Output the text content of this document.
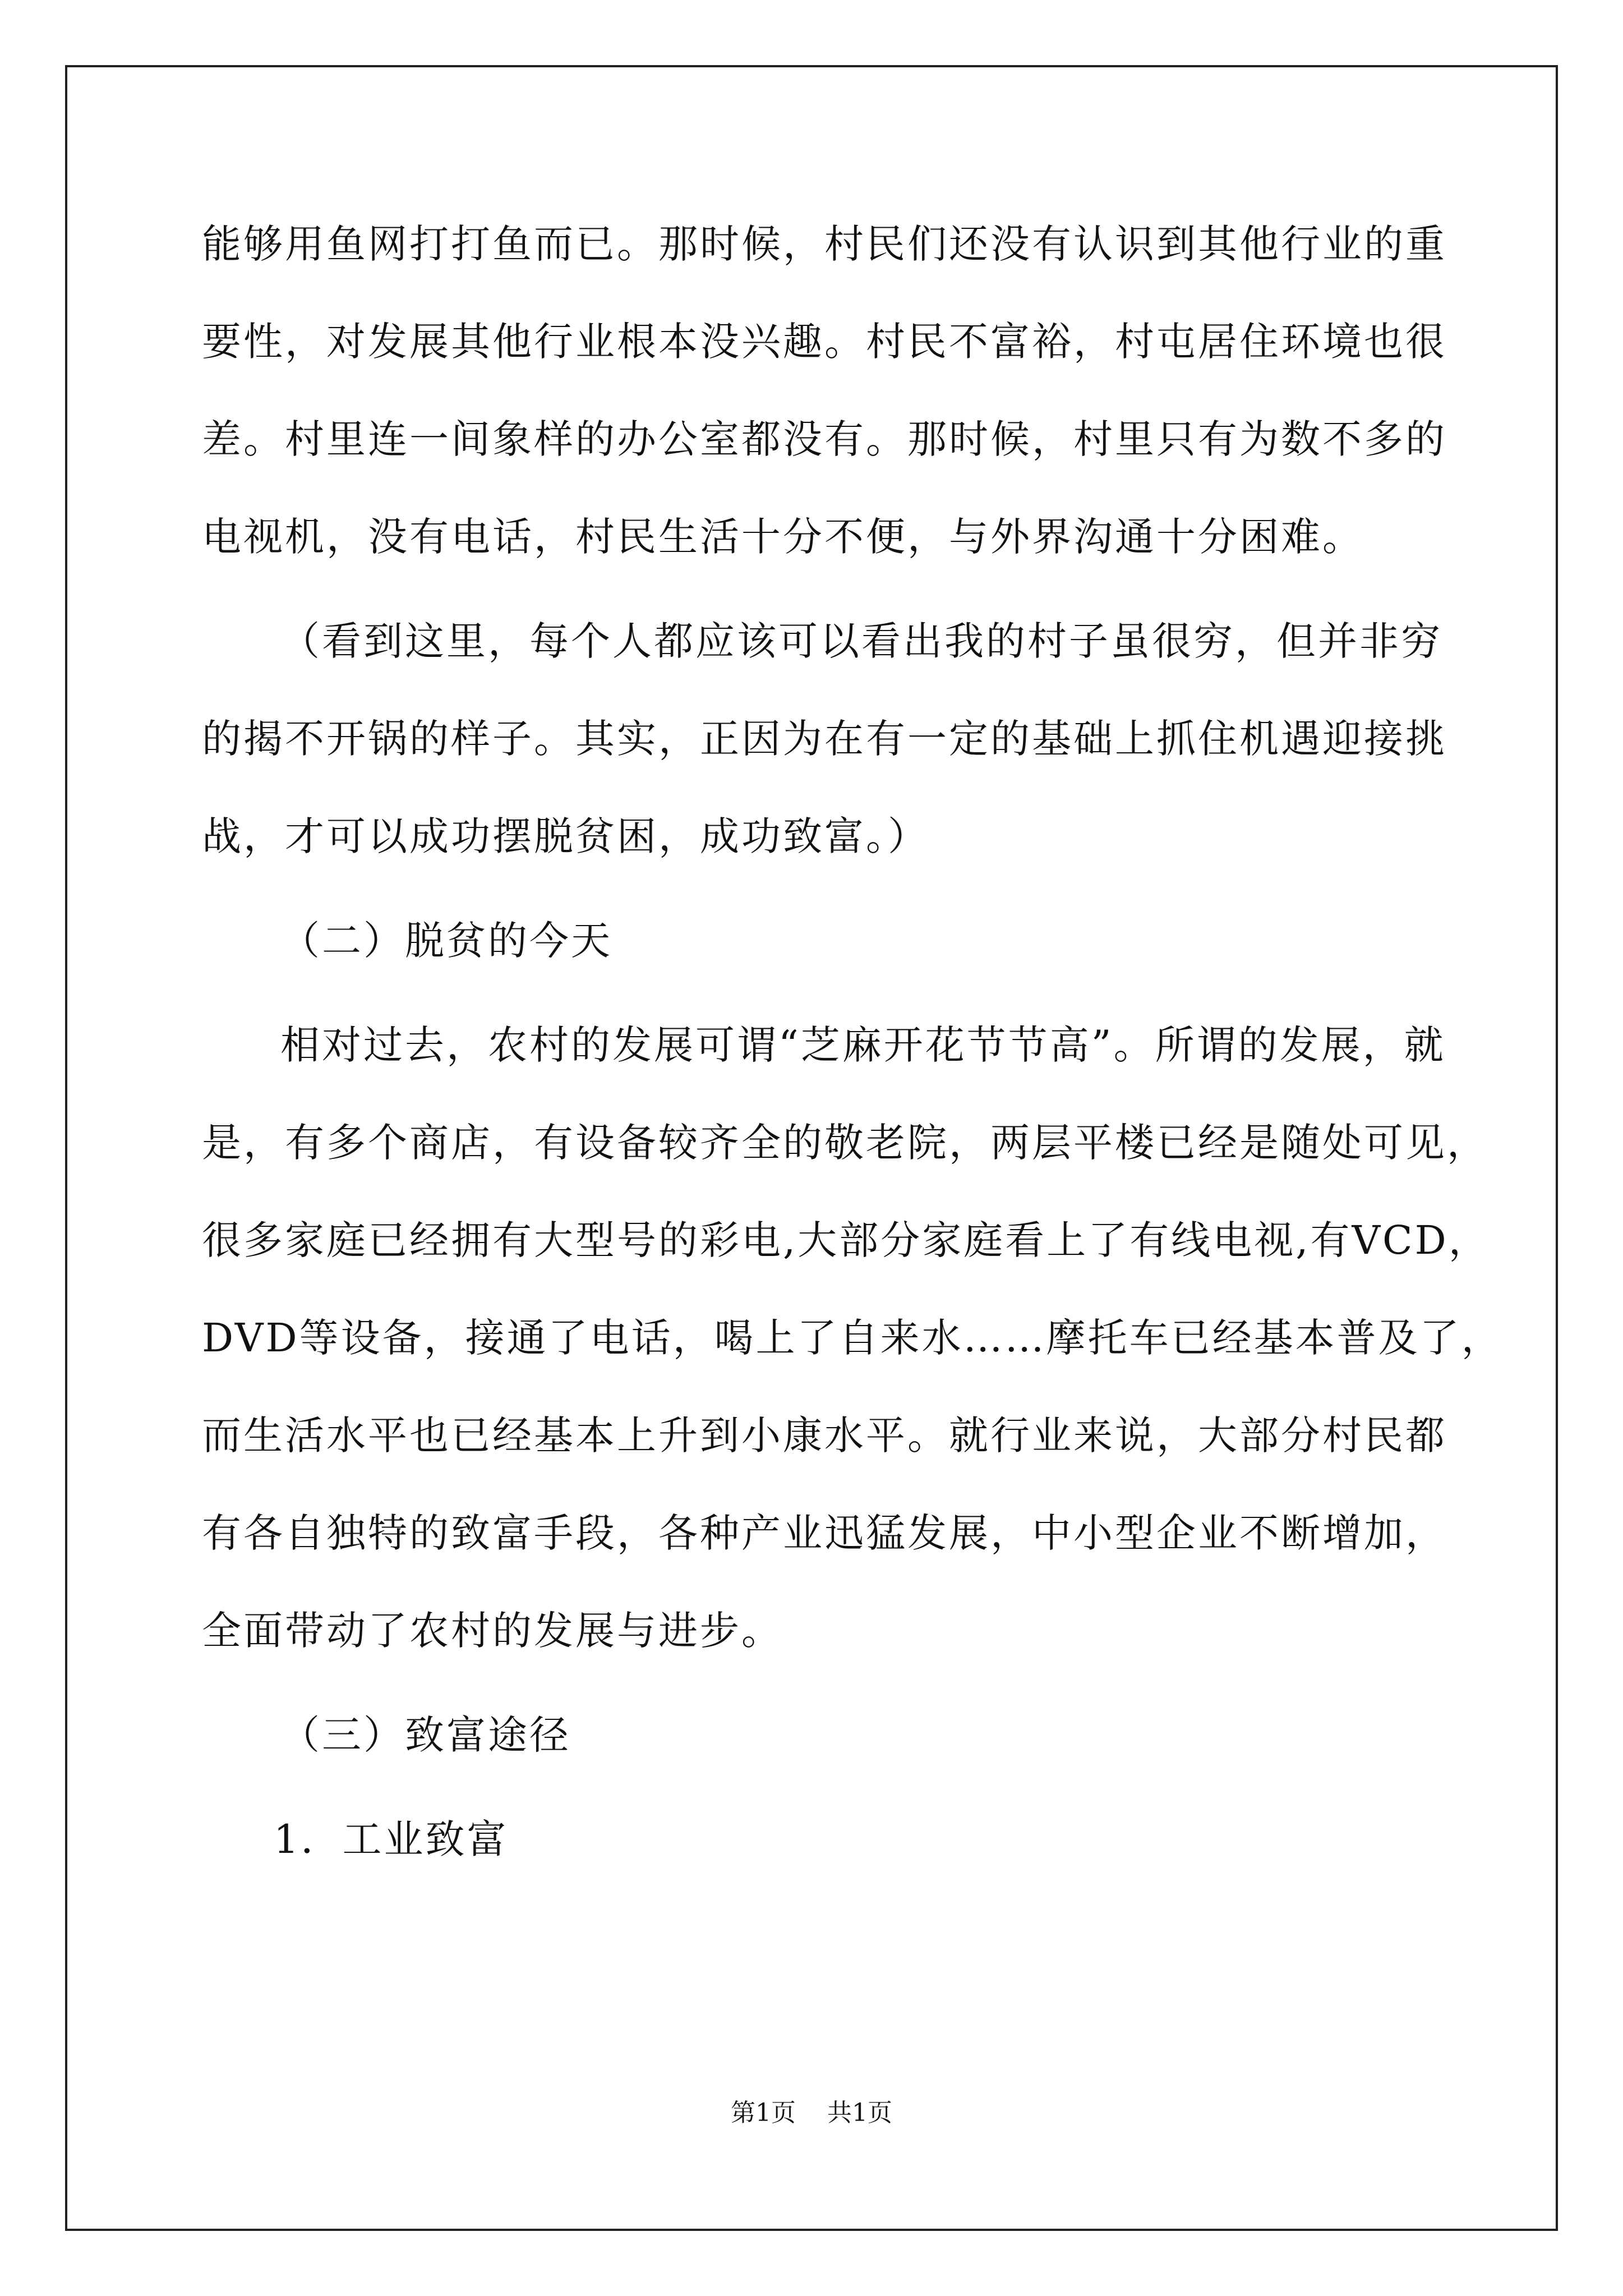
能够用鱼网打打鱼而已。那时候，村民们还没有认识到其他行业的重
要性，对发展其他行业根本没兴趣。村民不富裕，村屯居住环境也很
差。村里连一间象样的办公室都没有。那时候，村里只有为数不多的
电视机，没有电话，村民生活十分不便，与外界沟通十分困难。
（看到这里，每个人都应该可以看出我的村子虽很穷，但并非穷
的揭不开锅的样子。其实，正因为在有一定的基础上抓住机遇迎接挑
战，才可以成功摆脱贫困，成功致富。）
（二）脱贫的今天
相对过去，农村的发展可谓“芝麻开花节节高”。所谓的发展，就
是，有多个商店，有设备较齐全的敬老院，两层平楼已经是随处可见，
很多家庭已经拥有大型号的彩电,大部分家庭看上了有线电视,有VCD，
DVD等设备，接通了电话，喝上了自来水……摩托车已经基本普及了，
而生活水平也已经基本上升到小康水平。就行业来说，大部分村民都
有各自独特的致富手段，各种产业迅猛发展，中小型企业不断增加，
全面带动了农村的发展与进步。
（三）致富途径
1．工业致富
第1页 共1页
